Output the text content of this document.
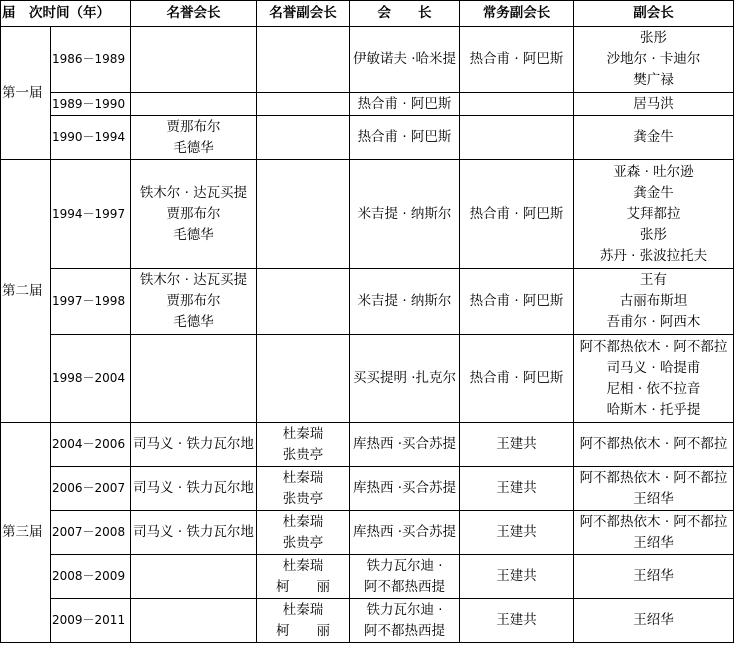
届 次时间（年）		名誉会长	名誉副会长	会　　长	常务副会长	副会长
第一届	1986－1989			伊敏诺夫 ·哈米提	热合甫 · 阿巴斯	张彤
沙地尔 · 卡迪尔
樊广禄

	1989－1990			热合甫 · 阿巴斯		居马洪

	1990－1994	贾那布尔
毛德华		热合甫 · 阿巴斯		龚金牛

第二届	1994－1997	铁木尔 · 达瓦买提
贾那布尔
毛德华		米吉提 · 纳斯尔	热合甫 · 阿巴斯	亚森 · 吐尔逊
龚金牛
艾拜都拉
张彤
苏丹 · 张波拉托夫

	1997－1998	铁木尔 · 达瓦买提
贾那布尔
毛德华		米吉提 · 纳斯尔	热合甫 · 阿巴斯	王有
古丽布斯坦
吾甫尔 · 阿西木

	1998－2004			买买提明 ·扎克尔	热合甫 · 阿巴斯	阿不都热依木 · 阿不都拉
司马义 · 哈提甫
尼相 · 依不拉音
哈斯木 · 托乎提

第三届	2004－2006	司马义 · 铁力瓦尔地	杜秦瑞
张贵亭	库热西 ·买合苏提	王建共	阿不都热依木 · 阿不都拉

	2006－2007	司马义 · 铁力瓦尔地	杜秦瑞
张贵亭	库热西 ·买合苏提	王建共	阿不都热依木 · 阿不都拉
王绍华

	2007－2008	司马义 · 铁力瓦尔地	杜秦瑞
张贵亭	库热西 ·买合苏提	王建共	阿不都热依木 · 阿不都拉
王绍华

	2008－2009		杜秦瑞
柯　　丽	铁力瓦尔迪 ·
阿不都热西提	王建共	王绍华

	2009－2011		杜秦瑞
柯　　丽	铁力瓦尔迪 ·
阿不都热西提	王建共	王绍华
